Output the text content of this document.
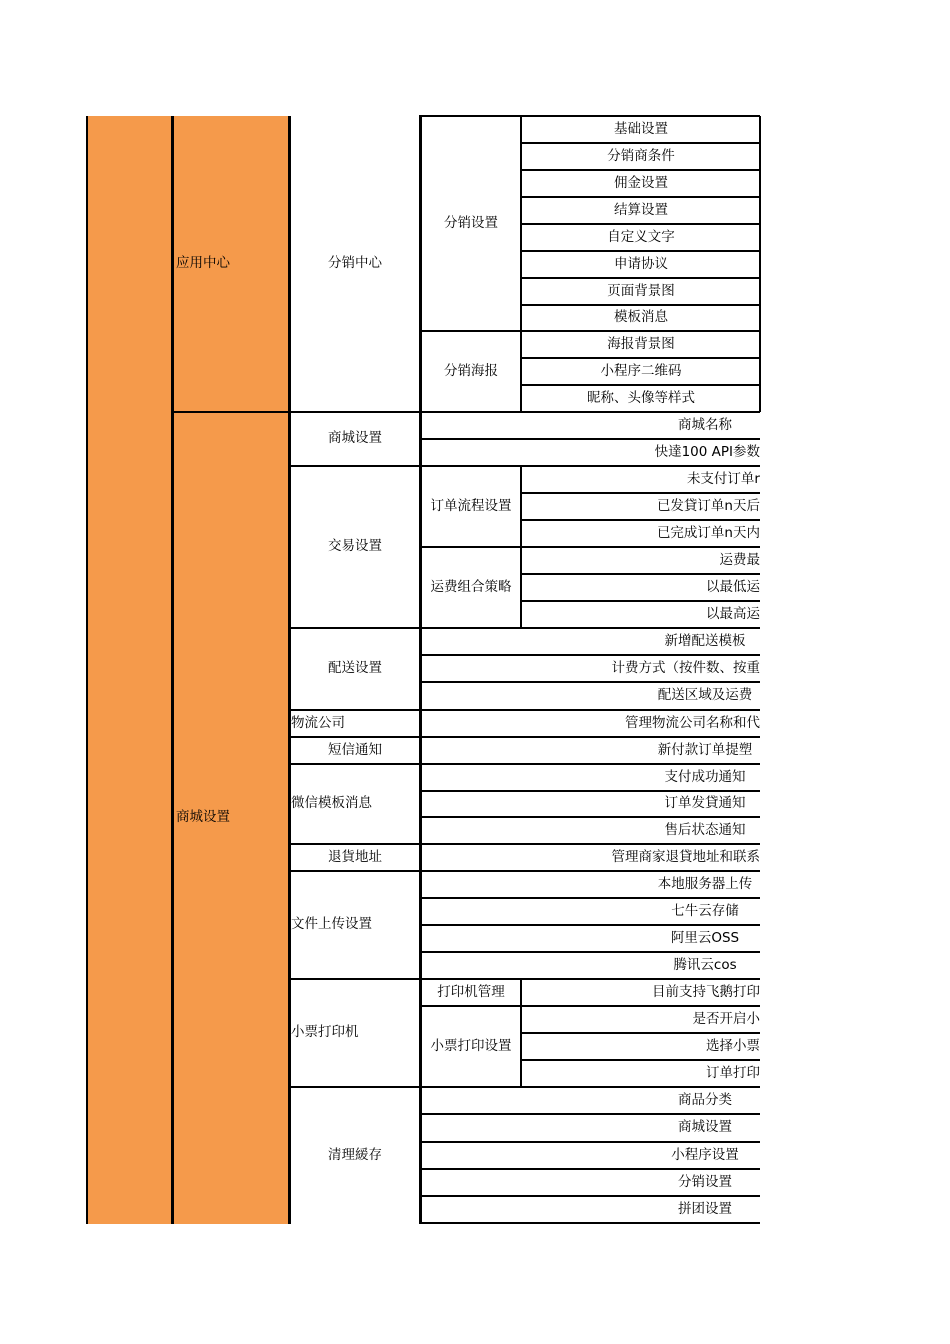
应用中心
商城设置
分销中心
商城设置
交易设置
配送设置
物流公司
短信通知
微信模板消息
退貨地址
文件上传设置
小票打印机
清理緩存
分销设置
分销海报
订单流程设置
运费组合策略
打印机管理
小票打印设置
基础设置
分销商条件
佣金设置
结算设置
自定义文字
申请协议
页面背景图
模板消息
海报背景图
小程序二维码
昵称、头像等样式
商城名称
快達100 API参数
未支付订单r
已发貸订单n天后
已完成订单n天内
运费最
以最低运
以最高运
新增配送模板
计费方式（按件数、按重
配送区域及运费
管理物流公司名称和代
新付款订单提塑
支付成功通知
订单发貸通知
售后状态通知
管理商家退貸地址和联系
本地服务器上传
七牛云存储
阿里云OSS
腾讯云cos
目前支持飞鹅打印
是否开启小
选择小票
订单打印
商品分类
商城设置
小程序设置
分销设置
拼团设置
